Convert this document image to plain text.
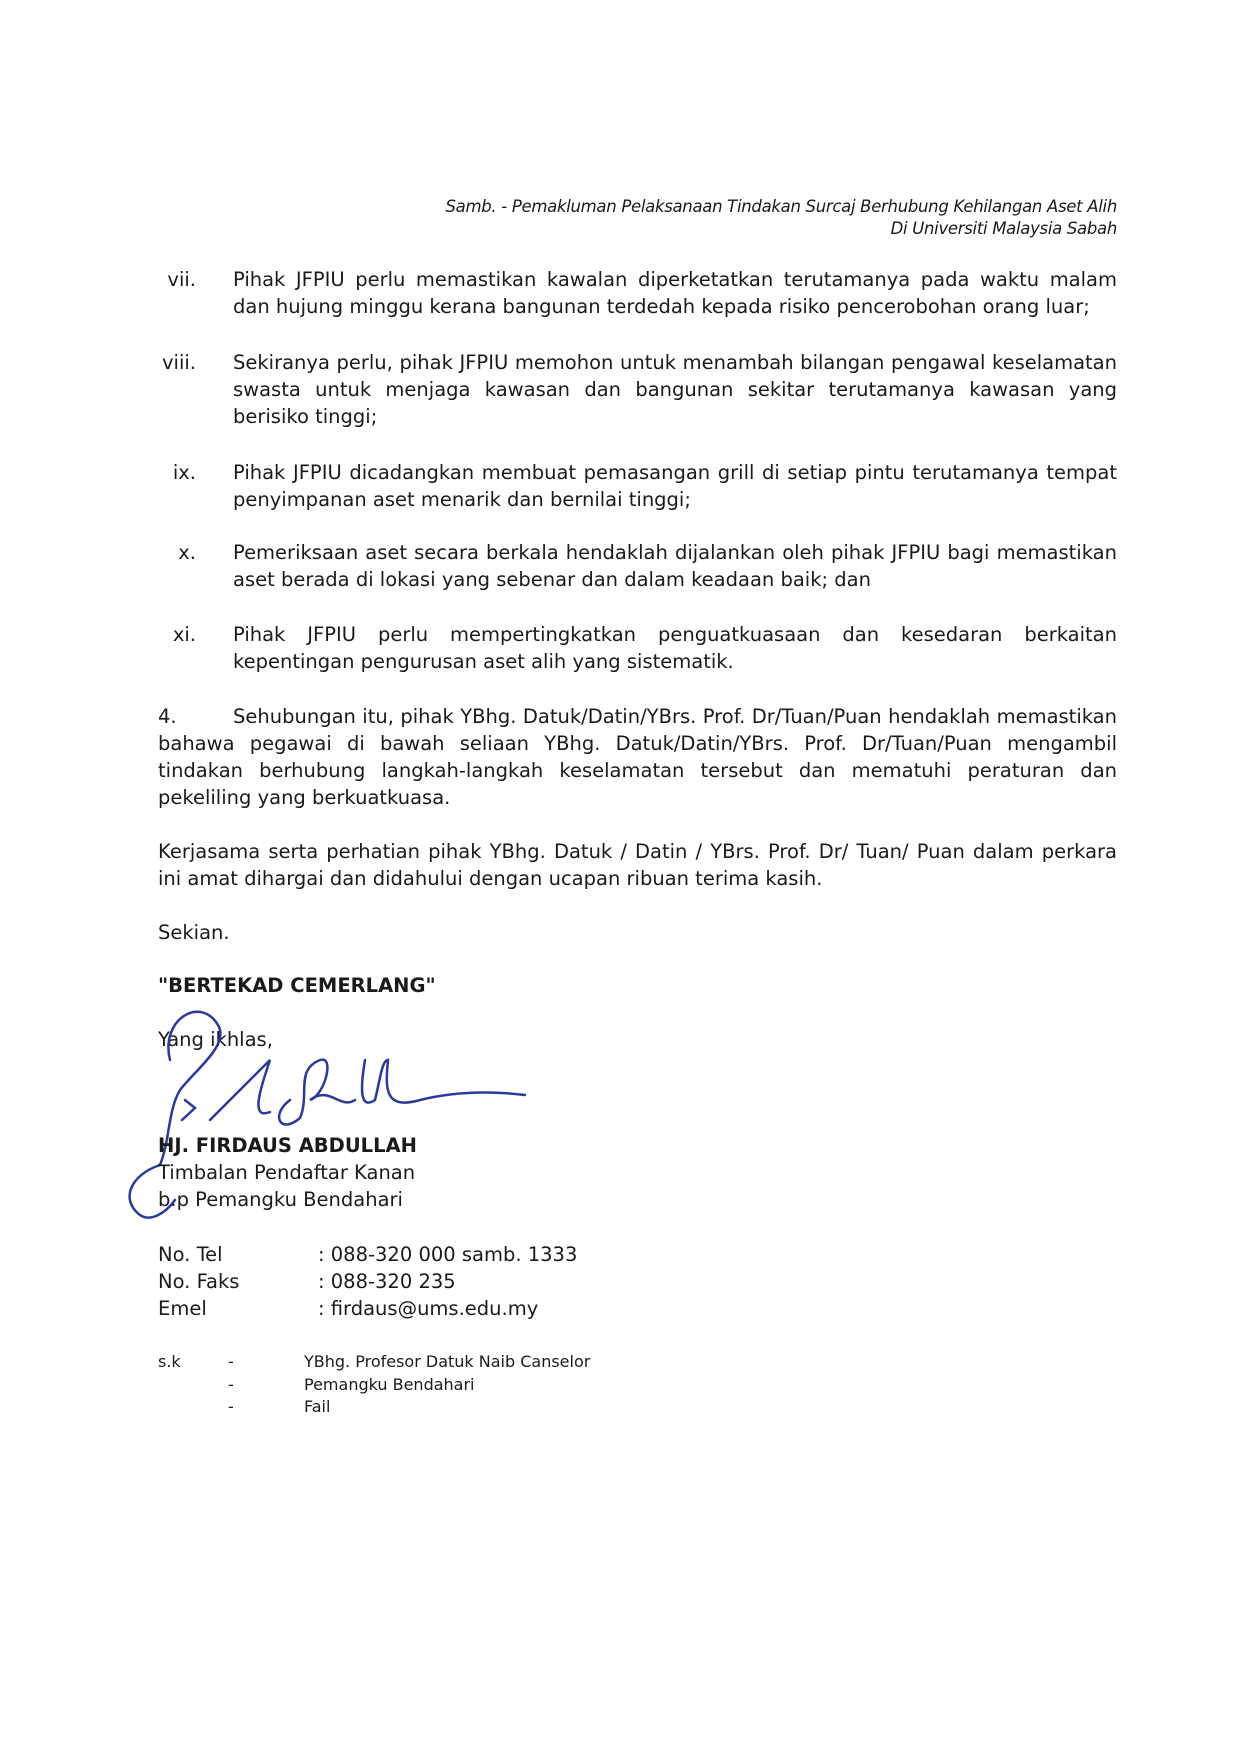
Samb. - Pemakluman Pelaksanaan Tindakan Surcaj Berhubung Kehilangan Aset Alih
Di Universiti Malaysia Sabah
vii. Pihak JFPIU perlu memastikan kawalan diperketatkan terutamanya pada waktu malam dan hujung minggu kerana bangunan terdedah kepada risiko pencerobohan orang luar;
viii. Sekiranya perlu, pihak JFPIU memohon untuk menambah bilangan pengawal keselamatan swasta untuk menjaga kawasan dan bangunan sekitar terutamanya kawasan yang berisiko tinggi;
ix. Pihak JFPIU dicadangkan membuat pemasangan grill di setiap pintu terutamanya tempat penyimpanan aset menarik dan bernilai tinggi;
x. Pemeriksaan aset secara berkala hendaklah dijalankan oleh pihak JFPIU bagi memastikan aset berada di lokasi yang sebenar dan dalam keadaan baik; dan
xi. Pihak JFPIU perlu mempertingkatkan penguatkuasaan dan kesedaran berkaitan kepentingan pengurusan aset alih yang sistematik.
4.	Sehubungan itu, pihak YBhg. Datuk/Datin/YBrs. Prof. Dr/Tuan/Puan hendaklah memastikan bahawa pegawai di bawah seliaan YBhg. Datuk/Datin/YBrs. Prof. Dr/Tuan/Puan mengambil tindakan berhubung langkah-langkah keselamatan tersebut dan mematuhi peraturan dan pekeliling yang berkuatkuasa.
Kerjasama serta perhatian pihak YBhg. Datuk / Datin / YBrs. Prof. Dr/ Tuan/ Puan dalam perkara ini amat dihargai dan didahului dengan ucapan ribuan terima kasih.
Sekian.
"BERTEKAD CEMERLANG"
Yang ikhlas,
HJ. FIRDAUS ABDULLAH
Timbalan Pendaftar Kanan
b.p Pemangku Bendahari
No. Tel	: 088-320 000 samb. 1333
No. Faks	: 088-320 235
Emel	: firdaus@ums.edu.my
s.k	-	YBhg. Profesor Datuk Naib Canselor
-	Pemangku Bendahari
-	Fail
